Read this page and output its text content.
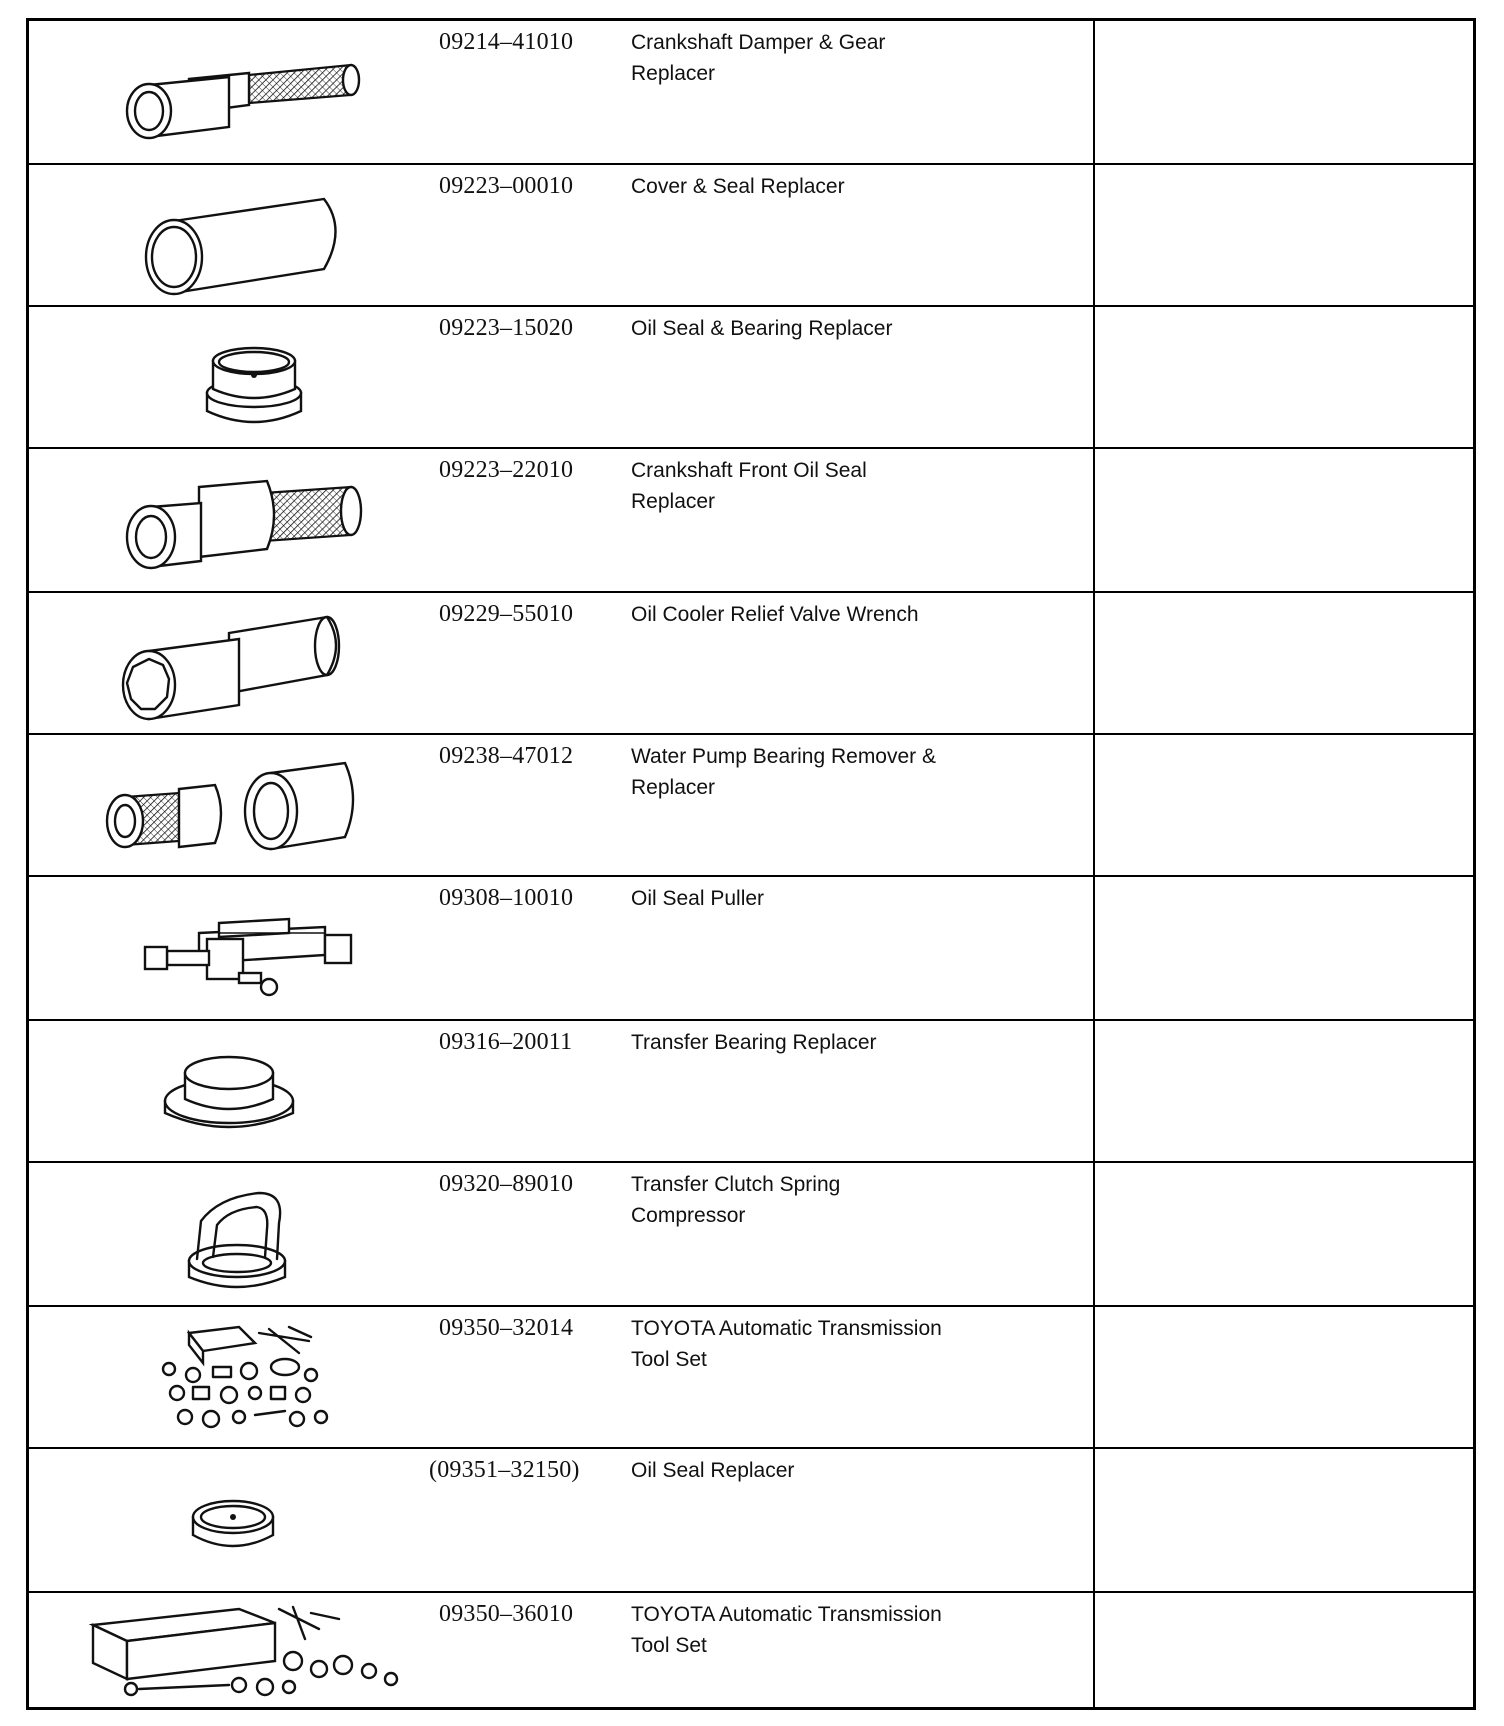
09214–41010	Crankshaft Damper & Gear
Replacer
09223–00010	Cover & Seal Replacer
09223–15020	Oil Seal & Bearing Replacer
09223–22010	Crankshaft Front Oil Seal
Replacer
09229–55010	Oil Cooler Relief Valve Wrench
09238–47012	Water Pump Bearing Remover &
Replacer
09308–10010	Oil Seal Puller
09316–20011	Transfer Bearing Replacer
09320–89010	Transfer Clutch Spring
Compressor
09350–32014	TOYOTA Automatic Transmission
Tool Set
(09351–32150)	Oil Seal Replacer
09350–36010	TOYOTA Automatic Transmission
Tool Set
